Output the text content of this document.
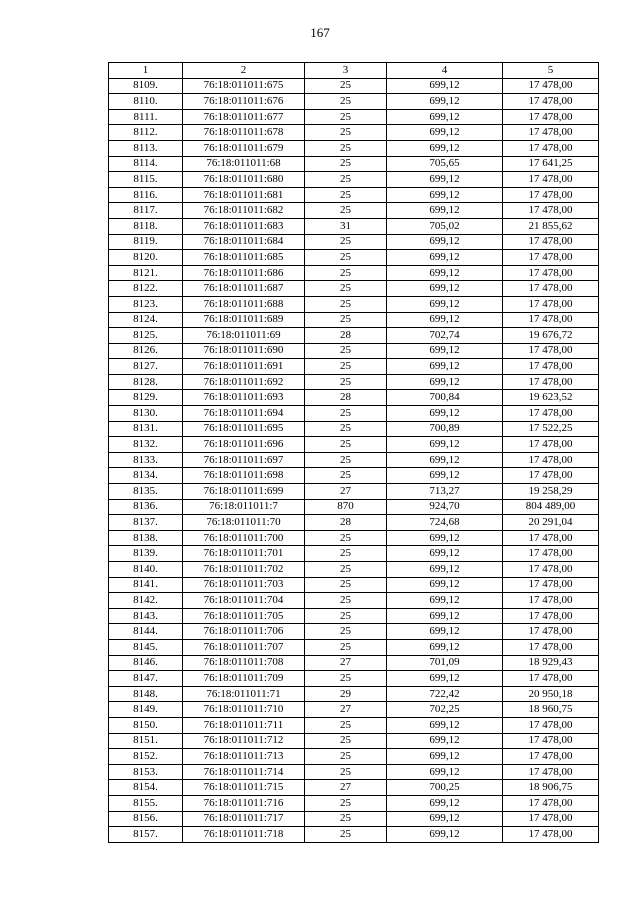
167
1	2	3	4	5
8109.	76:18:011011:675	25	699,12	17 478,00
8110.	76:18:011011:676	25	699,12	17 478,00
8111.	76:18:011011:677	25	699,12	17 478,00
8112.	76:18:011011:678	25	699,12	17 478,00
8113.	76:18:011011:679	25	699,12	17 478,00
8114.	76:18:011011:68	25	705,65	17 641,25
8115.	76:18:011011:680	25	699,12	17 478,00
8116.	76:18:011011:681	25	699,12	17 478,00
8117.	76:18:011011:682	25	699,12	17 478,00
8118.	76:18:011011:683	31	705,02	21 855,62
8119.	76:18:011011:684	25	699,12	17 478,00
8120.	76:18:011011:685	25	699,12	17 478,00
8121.	76:18:011011:686	25	699,12	17 478,00
8122.	76:18:011011:687	25	699,12	17 478,00
8123.	76:18:011011:688	25	699,12	17 478,00
8124.	76:18:011011:689	25	699,12	17 478,00
8125.	76:18:011011:69	28	702,74	19 676,72
8126.	76:18:011011:690	25	699,12	17 478,00
8127.	76:18:011011:691	25	699,12	17 478,00
8128.	76:18:011011:692	25	699,12	17 478,00
8129.	76:18:011011:693	28	700,84	19 623,52
8130.	76:18:011011:694	25	699,12	17 478,00
8131.	76:18:011011:695	25	700,89	17 522,25
8132.	76:18:011011:696	25	699,12	17 478,00
8133.	76:18:011011:697	25	699,12	17 478,00
8134.	76:18:011011:698	25	699,12	17 478,00
8135.	76:18:011011:699	27	713,27	19 258,29
8136.	76:18:011011:7	870	924,70	804 489,00
8137.	76:18:011011:70	28	724,68	20 291,04
8138.	76:18:011011:700	25	699,12	17 478,00
8139.	76:18:011011:701	25	699,12	17 478,00
8140.	76:18:011011:702	25	699,12	17 478,00
8141.	76:18:011011:703	25	699,12	17 478,00
8142.	76:18:011011:704	25	699,12	17 478,00
8143.	76:18:011011:705	25	699,12	17 478,00
8144.	76:18:011011:706	25	699,12	17 478,00
8145.	76:18:011011:707	25	699,12	17 478,00
8146.	76:18:011011:708	27	701,09	18 929,43
8147.	76:18:011011:709	25	699,12	17 478,00
8148.	76:18:011011:71	29	722,42	20 950,18
8149.	76:18:011011:710	27	702,25	18 960,75
8150.	76:18:011011:711	25	699,12	17 478,00
8151.	76:18:011011:712	25	699,12	17 478,00
8152.	76:18:011011:713	25	699,12	17 478,00
8153.	76:18:011011:714	25	699,12	17 478,00
8154.	76:18:011011:715	27	700,25	18 906,75
8155.	76:18:011011:716	25	699,12	17 478,00
8156.	76:18:011011:717	25	699,12	17 478,00
8157.	76:18:011011:718	25	699,12	17 478,00
